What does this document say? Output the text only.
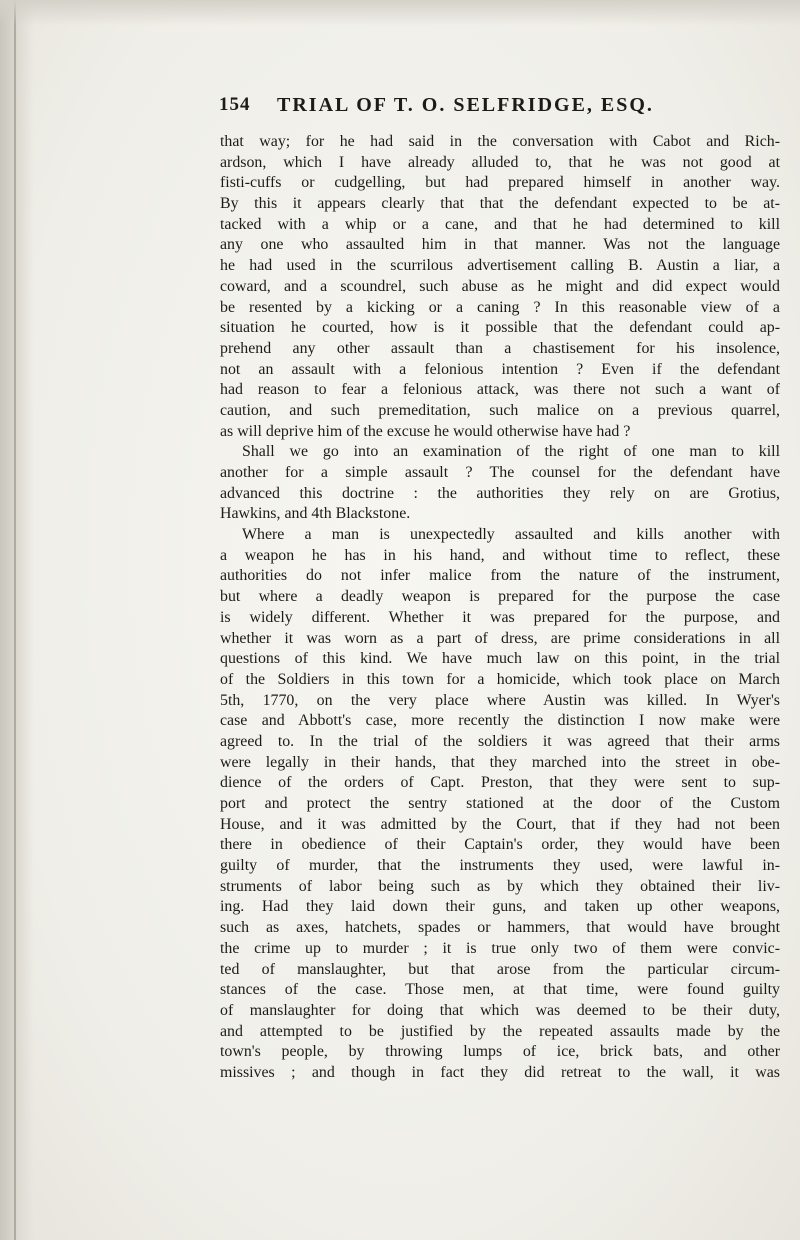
154 TRIAL OF T. O. SELFRIDGE, ESQ.
that way; for he had said in the conversation with Cabot and Rich-
ardson, which I have already alluded to, that he was not good at
fisti-cuffs or cudgelling, but had prepared himself in another way.
By this it appears clearly that that the defendant expected to be at-
tacked with a whip or a cane, and that he had determined to kill
any one who assaulted him in that manner. Was not the language
he had used in the scurrilous advertisement calling B. Austin a liar, a
coward, and a scoundrel, such abuse as he might and did expect would
be resented by a kicking or a caning ? In this reasonable view of a
situation he courted, how is it possible that the defendant could ap-
prehend any other assault than a chastisement for his insolence,
not an assault with a felonious intention ? Even if the defendant
had reason to fear a felonious attack, was there not such a want of
caution, and such premeditation, such malice on a previous quarrel,
as will deprive him of the excuse he would otherwise have had ?
Shall we go into an examination of the right of one man to kill
another for a simple assault ? The counsel for the defendant have
advanced this doctrine : the authorities they rely on are Grotius,
Hawkins, and 4th Blackstone.
Where a man is unexpectedly assaulted and kills another with
a weapon he has in his hand, and without time to reflect, these
authorities do not infer malice from the nature of the instrument,
but where a deadly weapon is prepared for the purpose the case
is widely different. Whether it was prepared for the purpose, and
whether it was worn as a part of dress, are prime considerations in all
questions of this kind. We have much law on this point, in the trial
of the Soldiers in this town for a homicide, which took place on March
5th, 1770, on the very place where Austin was killed. In Wyer's
case and Abbott's case, more recently the distinction I now make were
agreed to. In the trial of the soldiers it was agreed that their arms
were legally in their hands, that they marched into the street in obe-
dience of the orders of Capt. Preston, that they were sent to sup-
port and protect the sentry stationed at the door of the Custom
House, and it was admitted by the Court, that if they had not been
there in obedience of their Captain's order, they would have been
guilty of murder, that the instruments they used, were lawful in-
struments of labor being such as by which they obtained their liv-
ing. Had they laid down their guns, and taken up other weapons,
such as axes, hatchets, spades or hammers, that would have brought
the crime up to murder ; it is true only two of them were convic-
ted of manslaughter, but that arose from the particular circum-
stances of the case. Those men, at that time, were found guilty
of manslaughter for doing that which was deemed to be their duty,
and attempted to be justified by the repeated assaults made by the
town's people, by throwing lumps of ice, brick bats, and other
missives ; and though in fact they did retreat to the wall, it was
